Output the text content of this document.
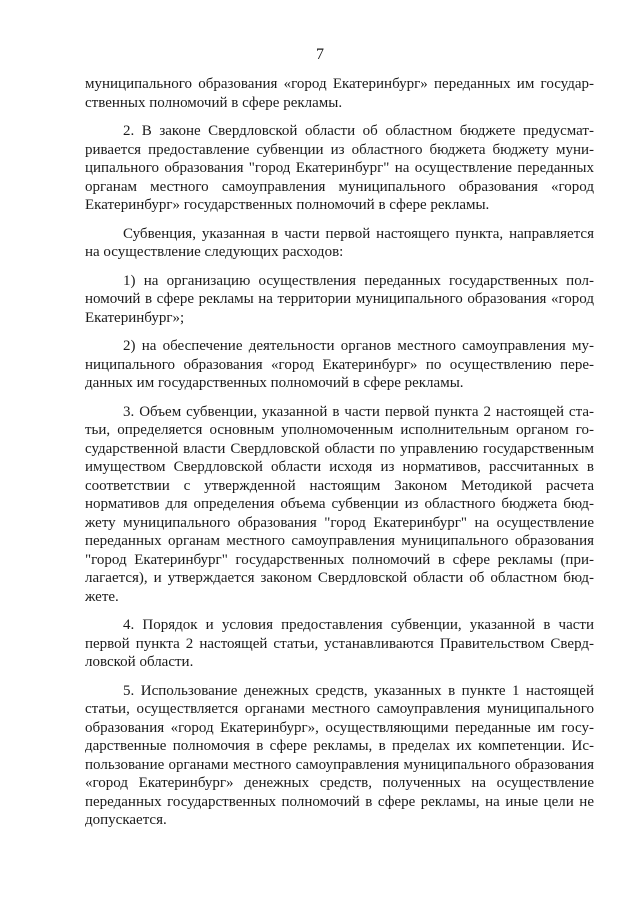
7

муниципального образования «город Екатеринбург» переданных им государственных полномочий в сфере рекламы.

2. В законе Свердловской области об областном бюджете предусматривается предоставление субвенции из областного бюджета бюджету муниципального образования "город Екатеринбург" на осуществление переданных органам местного самоуправления муниципального образования «город Екатеринбург» государственных полномочий в сфере рекламы.

Субвенция, указанная в части первой настоящего пункта, направляется на осуществление следующих расходов:

1) на организацию осуществления переданных государственных полномочий в сфере рекламы на территории муниципального образования «город Екатеринбург»;

2) на обеспечение деятельности органов местного самоуправления муниципального образования «город Екатеринбург» по осуществлению переданных им государственных полномочий в сфере рекламы.

3. Объем субвенции, указанной в части первой пункта 2 настоящей статьи, определяется основным уполномоченным исполнительным органом государственной власти Свердловской области по управлению государственным имуществом Свердловской области исходя из нормативов, рассчитанных в соответствии с утвержденной настоящим Законом Методикой расчета нормативов для определения объема субвенции из областного бюджета бюджету муниципального образования "город Екатеринбург" на осуществление переданных органам местного самоуправления муниципального образования "город Екатеринбург" государственных полномочий в сфере рекламы (прилагается), и утверждается законом Свердловской области об областном бюджете.

4. Порядок и условия предоставления субвенции, указанной в части первой пункта 2 настоящей статьи, устанавливаются Правительством Свердловской области.

5. Использование денежных средств, указанных в пункте 1 настоящей статьи, осуществляется органами местного самоуправления муниципального образования «город Екатеринбург», осуществляющими переданные им государственные полномочия в сфере рекламы, в пределах их компетенции. Использование органами местного самоуправления муниципального образования «город Екатеринбург» денежных средств, полученных на осуществление переданных государственных полномочий в сфере рекламы, на иные цели не допускается.
